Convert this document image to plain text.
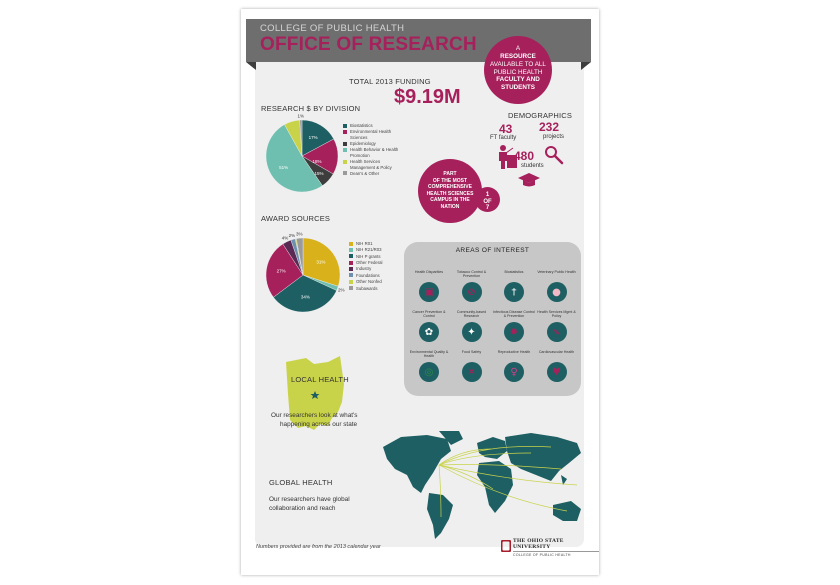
COLLEGE OF PUBLIC HEALTH
OFFICE OF RESEARCH	A
RESOURCE
AVAILABLE TO ALL
PUBLIC HEALTH
FACULTY AND
STUDENTS
TOTAL 2013 FUNDING
$9.19M
RESEARCH $ BY DIVISION
17%
51%
1%
18%
15%
Biostatistics
Environmental Health Sciences
Epidemiology
Health Behavior & Health Promotion
Health Services Management & Policy
Dean's & Other
DEMOGRAPHICS
43
FT faculty
232
projects
480
students
PART
OF THE MOST
COMPREHENSIVE
HEALTH SCIENCES
CAMPUS IN THE
NATION
1
OF
7
AWARD SOURCES
31%
2%
34%
27%
4%
2% 3%
NIH R01
NIH R21/R03
NIH P grants
Other Federal
Industry
Foundations
Other Nonfed
Subawards
AREAS OF INTEREST
Health Disparities
▣
Tobacco Control & Prevention
⊘
Biostatistics
†
Veterinary Public Health
●
Cancer Prevention & Control
✿
Community-based Research
✦
Infectious Disease Control & Prevention
✹
Health Services Mgmt & Policy
∿
Environmental Quality & Health
◎
Food Safety
✕
Reproductive Health
♀
Cardiovascular Health
♥
LOCAL HEALTH
Our researchers look at what's
happening across our state
GLOBAL HEALTH
Our researchers have global
collaboration and reach
Numbers provided are from the 2013 calendar year
THE OHIO STATE UNIVERSITY
COLLEGE OF PUBLIC HEALTH
